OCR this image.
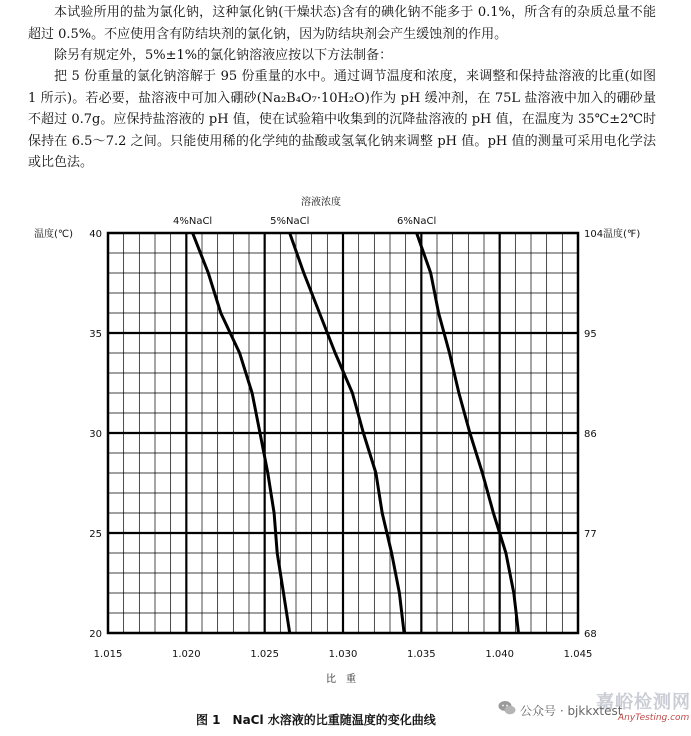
本试验所用的盐为氯化钠，这种氯化钠(干燥状态)含有的碘化钠不能多于 0.1%，所含有的杂质总量不能超过 0.5%。不应使用含有防结块剂的氯化钠，因为防结块剂会产生缓蚀剂的作用。

除另有规定外，5%±1%的氯化钠溶液应按以下方法制备：

把 5 份重量的氯化钠溶解于 95 份重量的水中。通过调节温度和浓度，来调整和保持盐溶液的比重(如图 1 所示)。若必要，盐溶液中可加入硼砂(Na₂B₄O₇·10H₂O)作为 pH 缓冲剂，在 75L 盐溶液中加入的硼砂量不超过 0.7g。应保持盐溶液的 pH 值，使在试验箱中收集到的沉降盐溶液的 pH 值，在温度为 35℃±2℃时保持在 6.5～7.2 之间。只能使用稀的化学纯的盐酸或氢氧化钠来调整 pH 值。pH 值的测量可采用电化学法或比色法。

溶液浓度
温度(℃)	温度(℉)
比　重
4%NaCl	5%NaCl	6%NaCl
1.015	1.020	1.025	1.030	1.035	1.040	1.045
20
25
30
35
40
68
77
86
95
104

图 1　NaCl 水溶液的比重随温度的变化曲线

嘉峪检测网
公众号 · bjkkxtest
AnyTesting.com
